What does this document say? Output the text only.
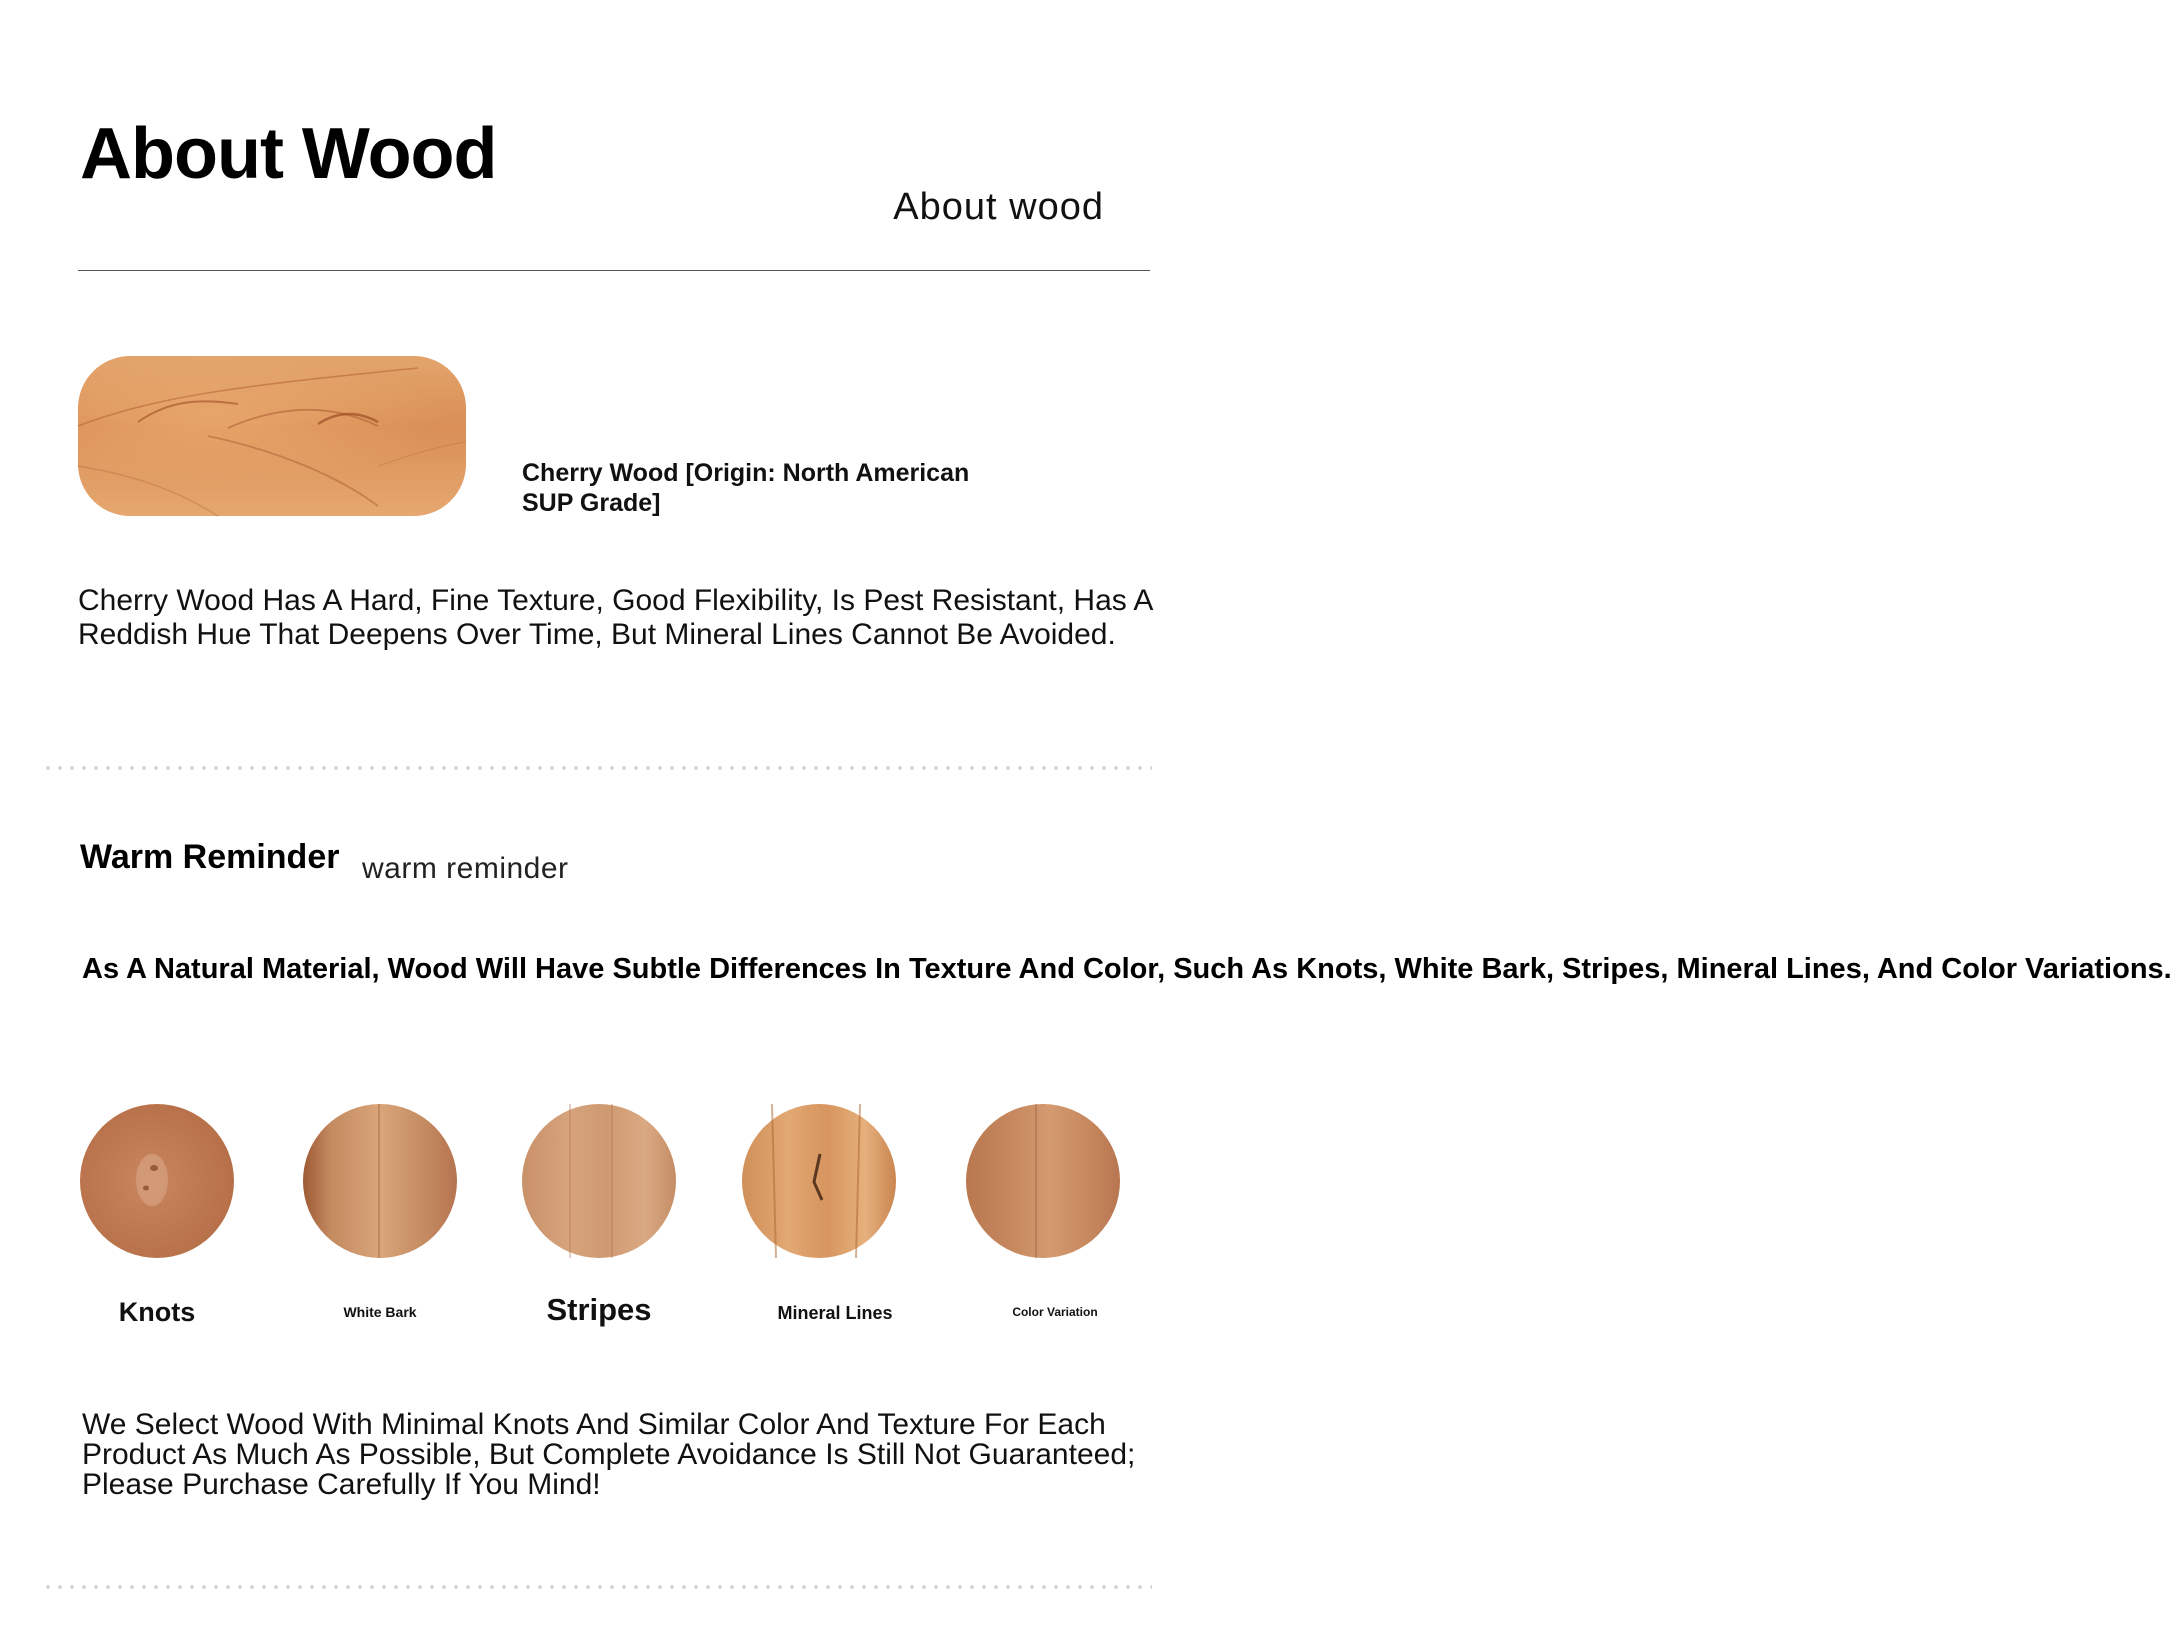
About Wood
About wood
Cherry Wood [Origin: North American SUP Grade]
Cherry Wood Has A Hard, Fine Texture, Good Flexibility, Is Pest Resistant, Has A Reddish Hue That Deepens Over Time, But Mineral Lines Cannot Be Avoided.
Warm Reminder warm reminder
As A Natural Material, Wood Will Have Subtle Differences In Texture And Color, Such As Knots, White Bark, Stripes, Mineral Lines, And Color Variations.
Knots	White Bark	Stripes	Mineral Lines	Color Variation
We Select Wood With Minimal Knots And Similar Color And Texture For Each Product As Much As Possible, But Complete Avoidance Is Still Not Guaranteed; Please Purchase Carefully If You Mind!
